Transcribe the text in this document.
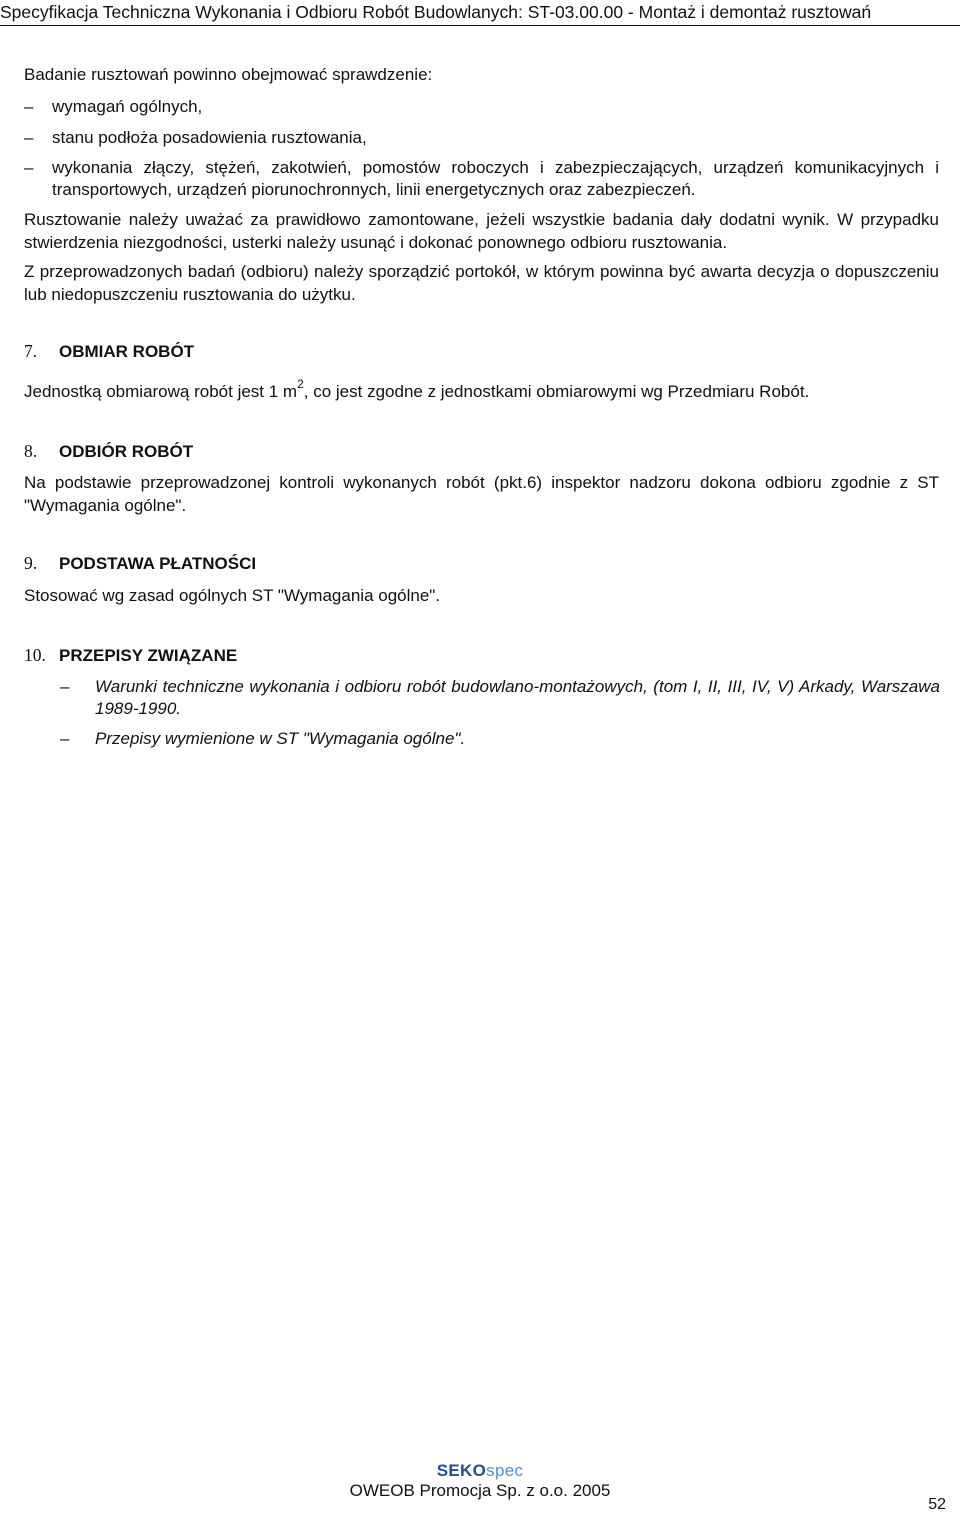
Specyfikacja Techniczna Wykonania i Odbioru Robót Budowlanych: ST-03.00.00 - Montaż i demontaż rusztowań
Badanie rusztowań powinno obejmować sprawdzenie:
–	wymagań ogólnych,
–	stanu podłoża posadowienia rusztowania,
–	wykonania złączy, stężeń, zakotwień, pomostów roboczych i zabezpieczających, urządzeń komunikacyjnych i transportowych, urządzeń piorunochronnych, linii energetycznych oraz zabezpieczeń.
Rusztowanie należy uważać za prawidłowo zamontowane, jeżeli wszystkie badania dały dodatni wynik. W przypadku stwierdzenia niezgodności, usterki należy usunąć i dokonać ponownego odbioru rusztowania.
Z przeprowadzonych badań (odbioru) należy sporządzić portokół, w którym powinna być awarta decyzja o dopuszczeniu lub niedopuszczeniu rusztowania do użytku.
7. OBMIAR ROBÓT
Jednostką obmiarową robót jest 1 $m^2$, co jest zgodne z jednostkami obmiarowymi wg Przedmiaru Robót.
8. ODBIÓR ROBÓT
Na podstawie przeprowadzonej kontroli wykonanych robót (pkt.6) inspektor nadzoru dokona odbioru zgodnie z ST "Wymagania ogólne".
9. PODSTAWA PŁATNOŚCI
Stosować wg zasad ogólnych ST "Wymagania ogólne".
10. PRZEPISY ZWIĄZANE
–	Warunki techniczne wykonania i odbioru robót budowlano-montażowych, (tom I, II, III, IV, V) Arkady, Warszawa 1989-1990.
–	Przepisy wymienione w ST "Wymagania ogólne".
SEKOspec
OWEOB Promocja Sp. z o.o. 2005
52
